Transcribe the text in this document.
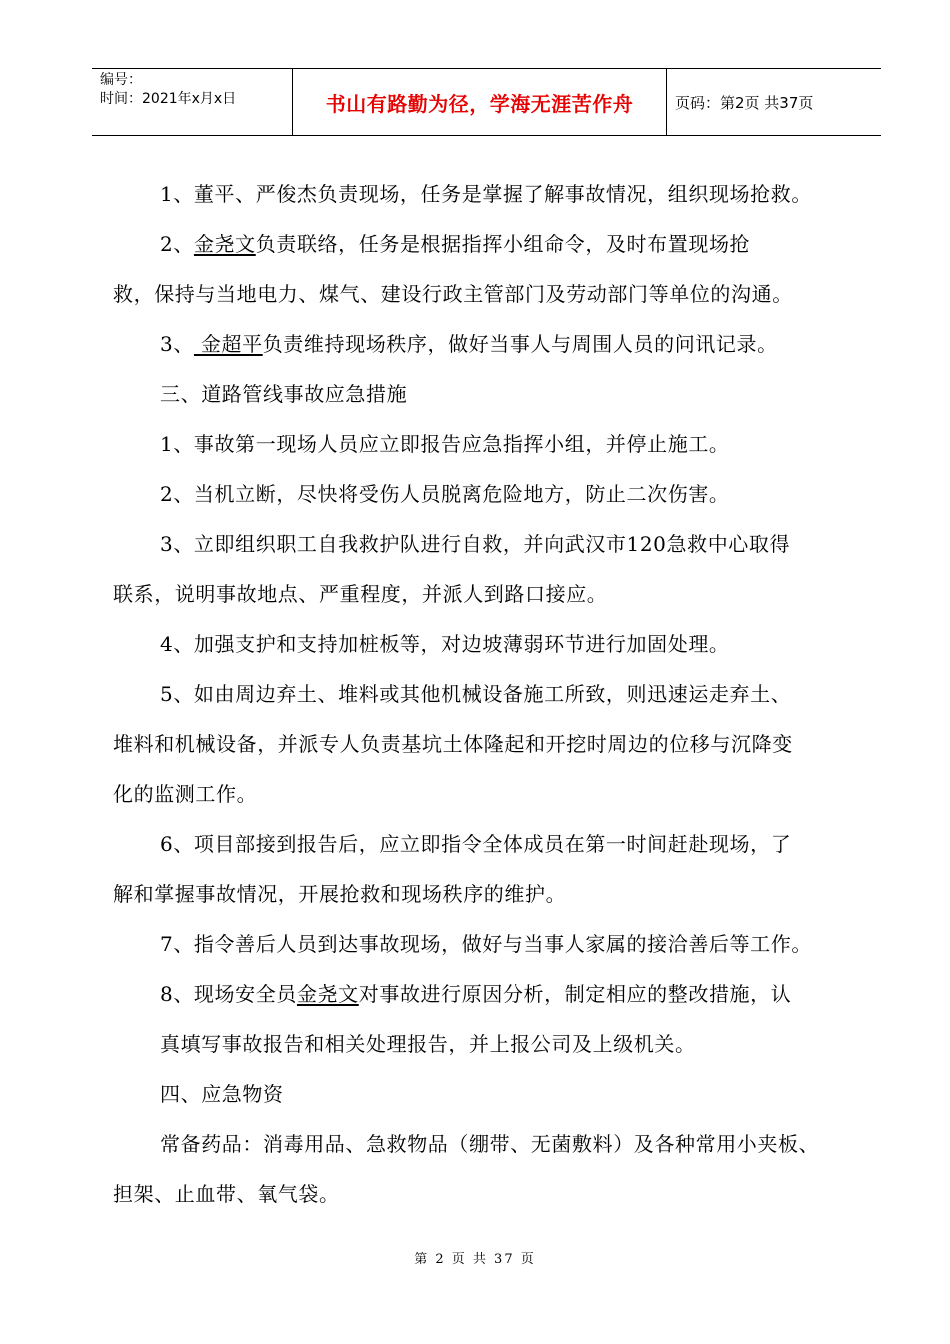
编号：
时间：2021年x月x日	书山有路勤为径，学海无涯苦作舟	页码：第2页 共37页
1、董平、严俊杰负责现场，任务是掌握了解事故情况，组织现场抢救。
2、金尧文负责联络，任务是根据指挥小组命令，及时布置现场抢
救，保持与当地电力、煤气、建设行政主管部门及劳动部门等单位的沟通。
3、 金超平负责维持现场秩序，做好当事人与周围人员的问讯记录。
三、道路管线事故应急措施
1、事故第一现场人员应立即报告应急指挥小组，并停止施工。
2、当机立断，尽快将受伤人员脱离危险地方，防止二次伤害。
3、立即组织职工自我救护队进行自救，并向武汉市120急救中心取得
联系，说明事故地点、严重程度，并派人到路口接应。
4、加强支护和支持加桩板等，对边坡薄弱环节进行加固处理。
5、如由周边弃土、堆料或其他机械设备施工所致，则迅速运走弃土、
堆料和机械设备，并派专人负责基坑土体隆起和开挖时周边的位移与沉降变
化的监测工作。
6、项目部接到报告后，应立即指令全体成员在第一时间赶赴现场，了
解和掌握事故情况，开展抢救和现场秩序的维护。
7、指令善后人员到达事故现场，做好与当事人家属的接洽善后等工作。
8、现场安全员金尧文对事故进行原因分析，制定相应的整改措施，认
真填写事故报告和相关处理报告，并上报公司及上级机关。
四、应急物资
常备药品：消毒用品、急救物品（绷带、无菌敷料）及各种常用小夹板、
担架、止血带、氧气袋。
第 2 页 共 37 页
